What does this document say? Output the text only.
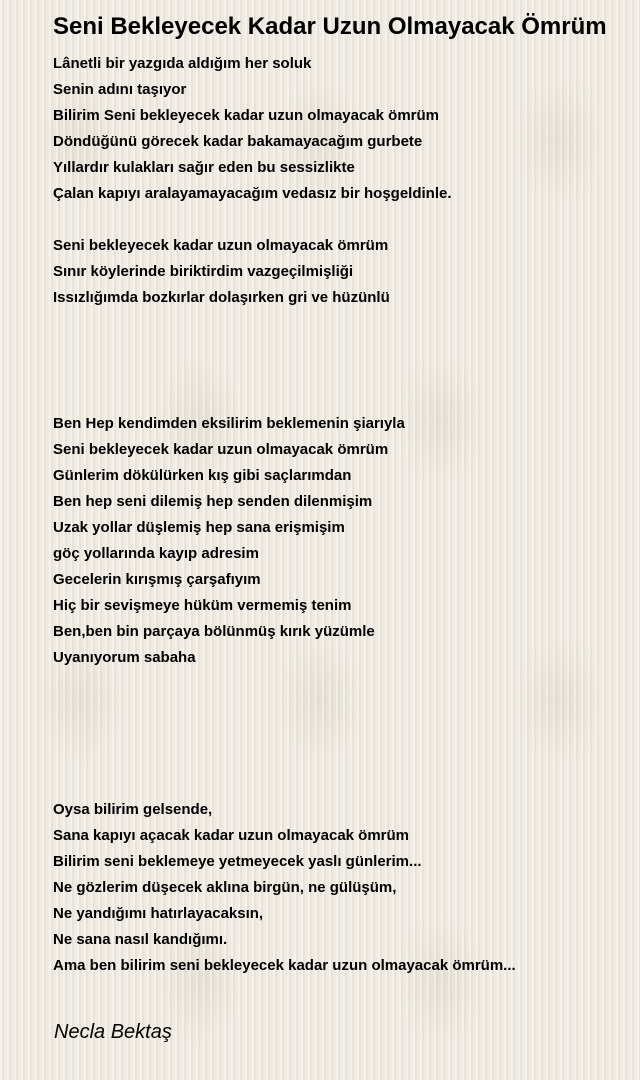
Seni Bekleyecek Kadar Uzun Olmayacak Ömrüm
Lânetli bir yazgıda aldığım her soluk
Senin adını taşıyor
Bilirim Seni bekleyecek kadar uzun olmayacak ömrüm
Döndüğünü görecek kadar bakamayacağım gurbete
Yıllardır kulakları sağır eden bu sessizlikte
Çalan kapıyı aralayamayacağım vedasız bir hoşgeldinle.
Seni bekleyecek kadar uzun olmayacak ömrüm
Sınır köylerinde biriktirdim vazgeçilmişliği
Issızlığımda bozkırlar dolaşırken gri ve hüzünlü
Ben Hep kendimden eksilirim beklemenin şiarıyla
Seni bekleyecek kadar uzun olmayacak ömrüm
Günlerim dökülürken kış gibi saçlarımdan
Ben hep seni dilemiş hep senden dilenmişim
Uzak yollar düşlemiş hep sana erişmişim
göç yollarında kayıp adresim
Gecelerin kırışmış çarşafıyım
Hiç bir sevişmeye hüküm vermemiş tenim
Ben,ben bin parçaya bölünmüş kırık yüzümle
Uyanıyorum sabaha
Oysa bilirim gelsende,
Sana kapıyı açacak kadar uzun olmayacak ömrüm
Bilirim seni beklemeye yetmeyecek yaslı günlerim...
Ne gözlerim düşecek aklına birgün, ne gülüşüm,
Ne yandığımı hatırlayacaksın,
Ne sana nasıl kandığımı.
Ama ben bilirim seni bekleyecek kadar uzun olmayacak ömrüm...
Necla Bektaş
